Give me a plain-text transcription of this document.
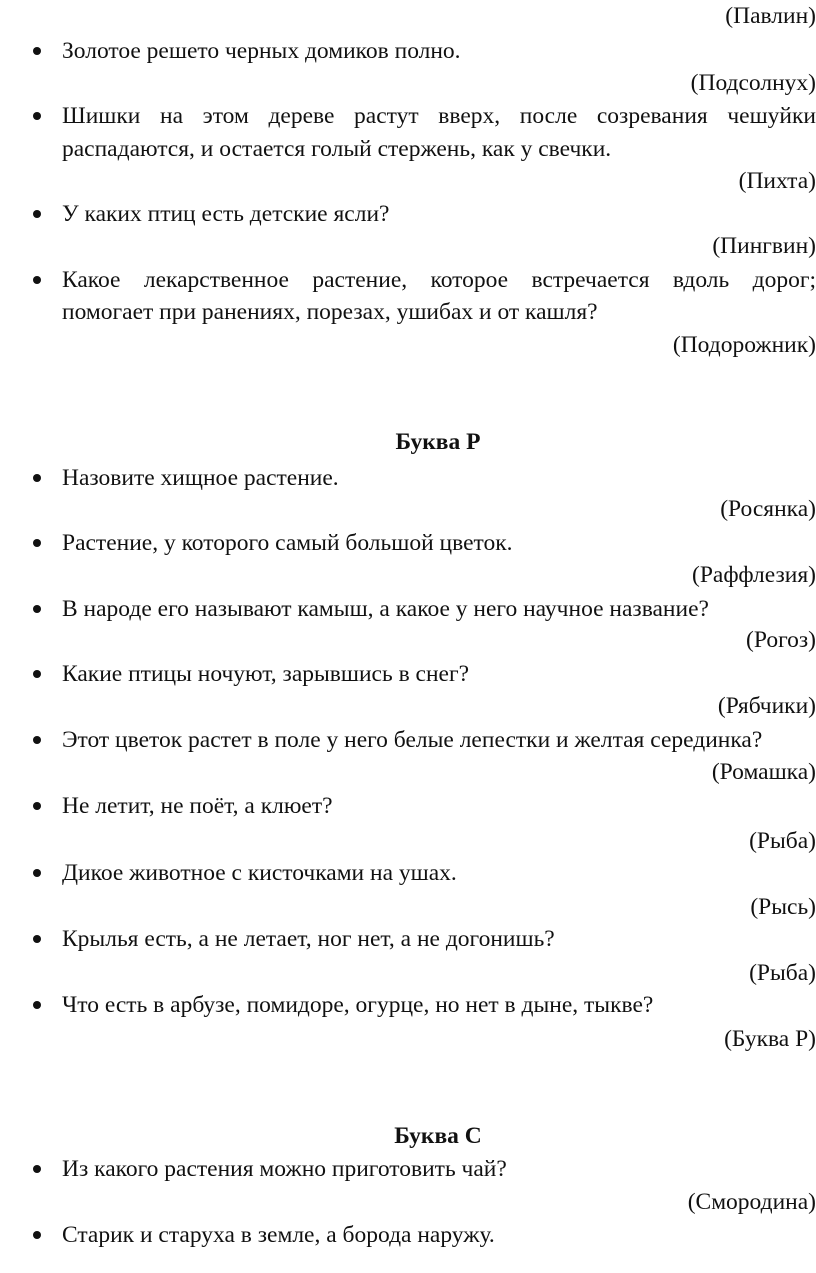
(Павлин)
Золотое решето черных домиков полно.
(Подсолнух)
Шишки на этом дереве растут вверх, после созревания чешуйки
распадаются, и остается голый стержень, как у свечки.
(Пихта)
У каких птиц есть детские ясли?
(Пингвин)
Какое лекарственное растение, которое встречается вдоль дорог;
помогает при ранениях, порезах, ушибах и от кашля?
(Подорожник)
Буква Р
Назовите хищное растение.
(Росянка)
Растение, у которого самый большой цветок.
(Раффлезия)
В народе его называют камыш, а какое у него научное название?
(Рогоз)
Какие птицы ночуют, зарывшись в снег?
(Рябчики)
Этот цветок растет в поле у него белые лепестки и желтая серединка?
(Ромашка)
Не летит, не поёт, а клюет?
(Рыба)
Дикое животное с кисточками на ушах.
(Рысь)
Крылья есть, а не летает, ног нет, а не догонишь?
(Рыба)
Что есть в арбузе, помидоре, огурце, но нет в дыне, тыкве?
(Буква Р)
Буква С
Из какого растения можно приготовить чай?
(Смородина)
Старик и старуха в земле, а борода наружу.
